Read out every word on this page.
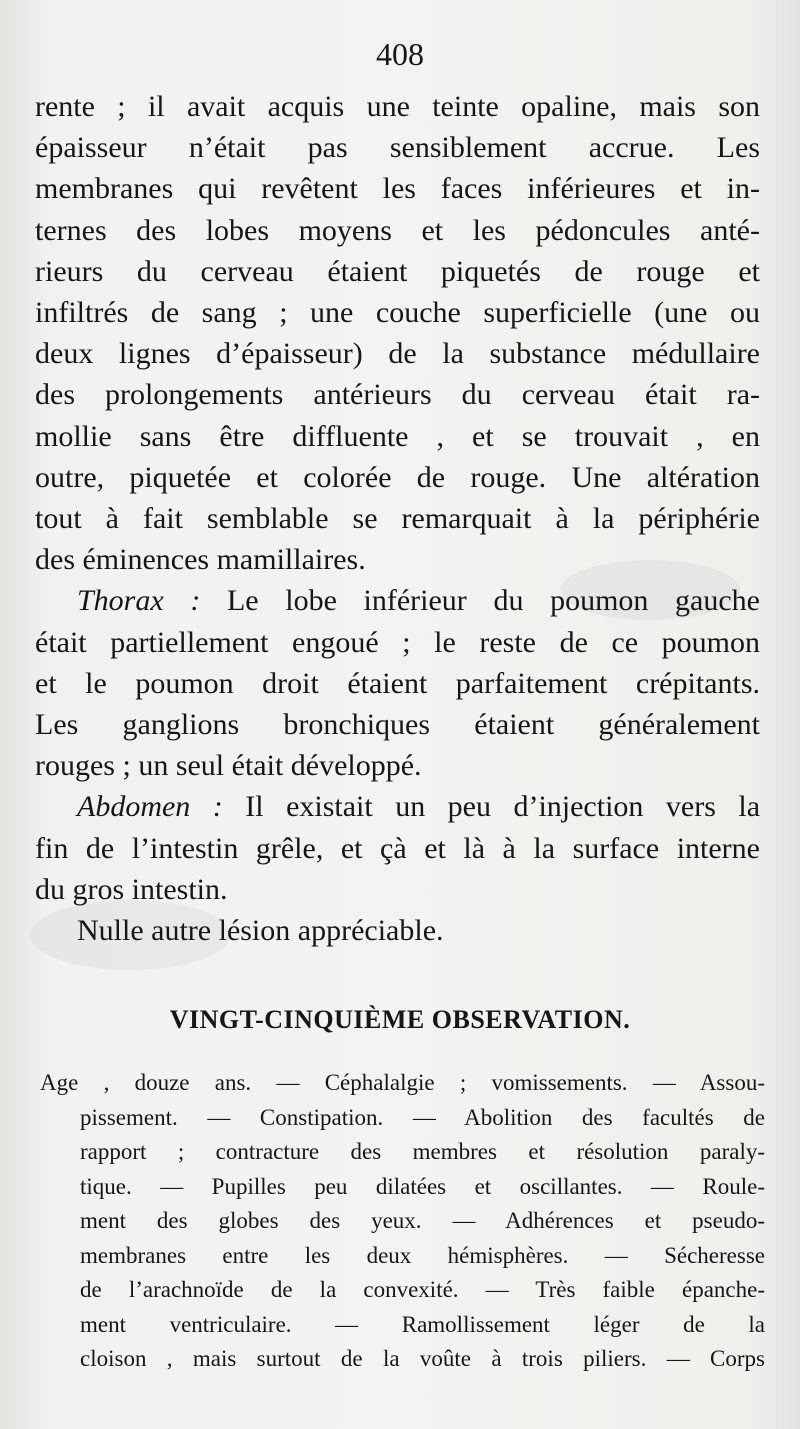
408

rente ; il avait acquis une teinte opaline, mais son
épaisseur n’était pas sensiblement accrue. Les
membranes qui revêtent les faces inférieures et in-
ternes des lobes moyens et les pédoncules anté-
rieurs du cerveau étaient piquetés de rouge et
infiltrés de sang ; une couche superficielle (une ou
deux lignes d’épaisseur) de la substance médullaire
des prolongements antérieurs du cerveau était ra-
mollie sans être diffluente , et se trouvait , en
outre, piquetée et colorée de rouge. Une altération
tout à fait semblable se remarquait à la périphérie
des éminences mamillaires.

Thorax : Le lobe inférieur du poumon gauche
était partiellement engoué ; le reste de ce poumon
et le poumon droit étaient parfaitement crépitants.
Les ganglions bronchiques étaient généralement
rouges ; un seul était développé.

Abdomen : Il existait un peu d’injection vers la
fin de l’intestin grêle, et çà et là à la surface interne
du gros intestin.

Nulle autre lésion appréciable.

VINGT-CINQUIÈME OBSERVATION.
Age , douze ans. — Céphalalgie ; vomissements. — Assou-
pissement. — Constipation. — Abolition des facultés de
rapport ; contracture des membres et résolution paraly-
tique. — Pupilles peu dilatées et oscillantes. — Roule-
ment des globes des yeux. — Adhérences et pseudo-
membranes entre les deux hémisphères. — Sécheresse
de l’arachnoïde de la convexité. — Très faible épanche-
ment ventriculaire. — Ramollissement léger de la
cloison , mais surtout de la voûte à trois piliers. — Corps
